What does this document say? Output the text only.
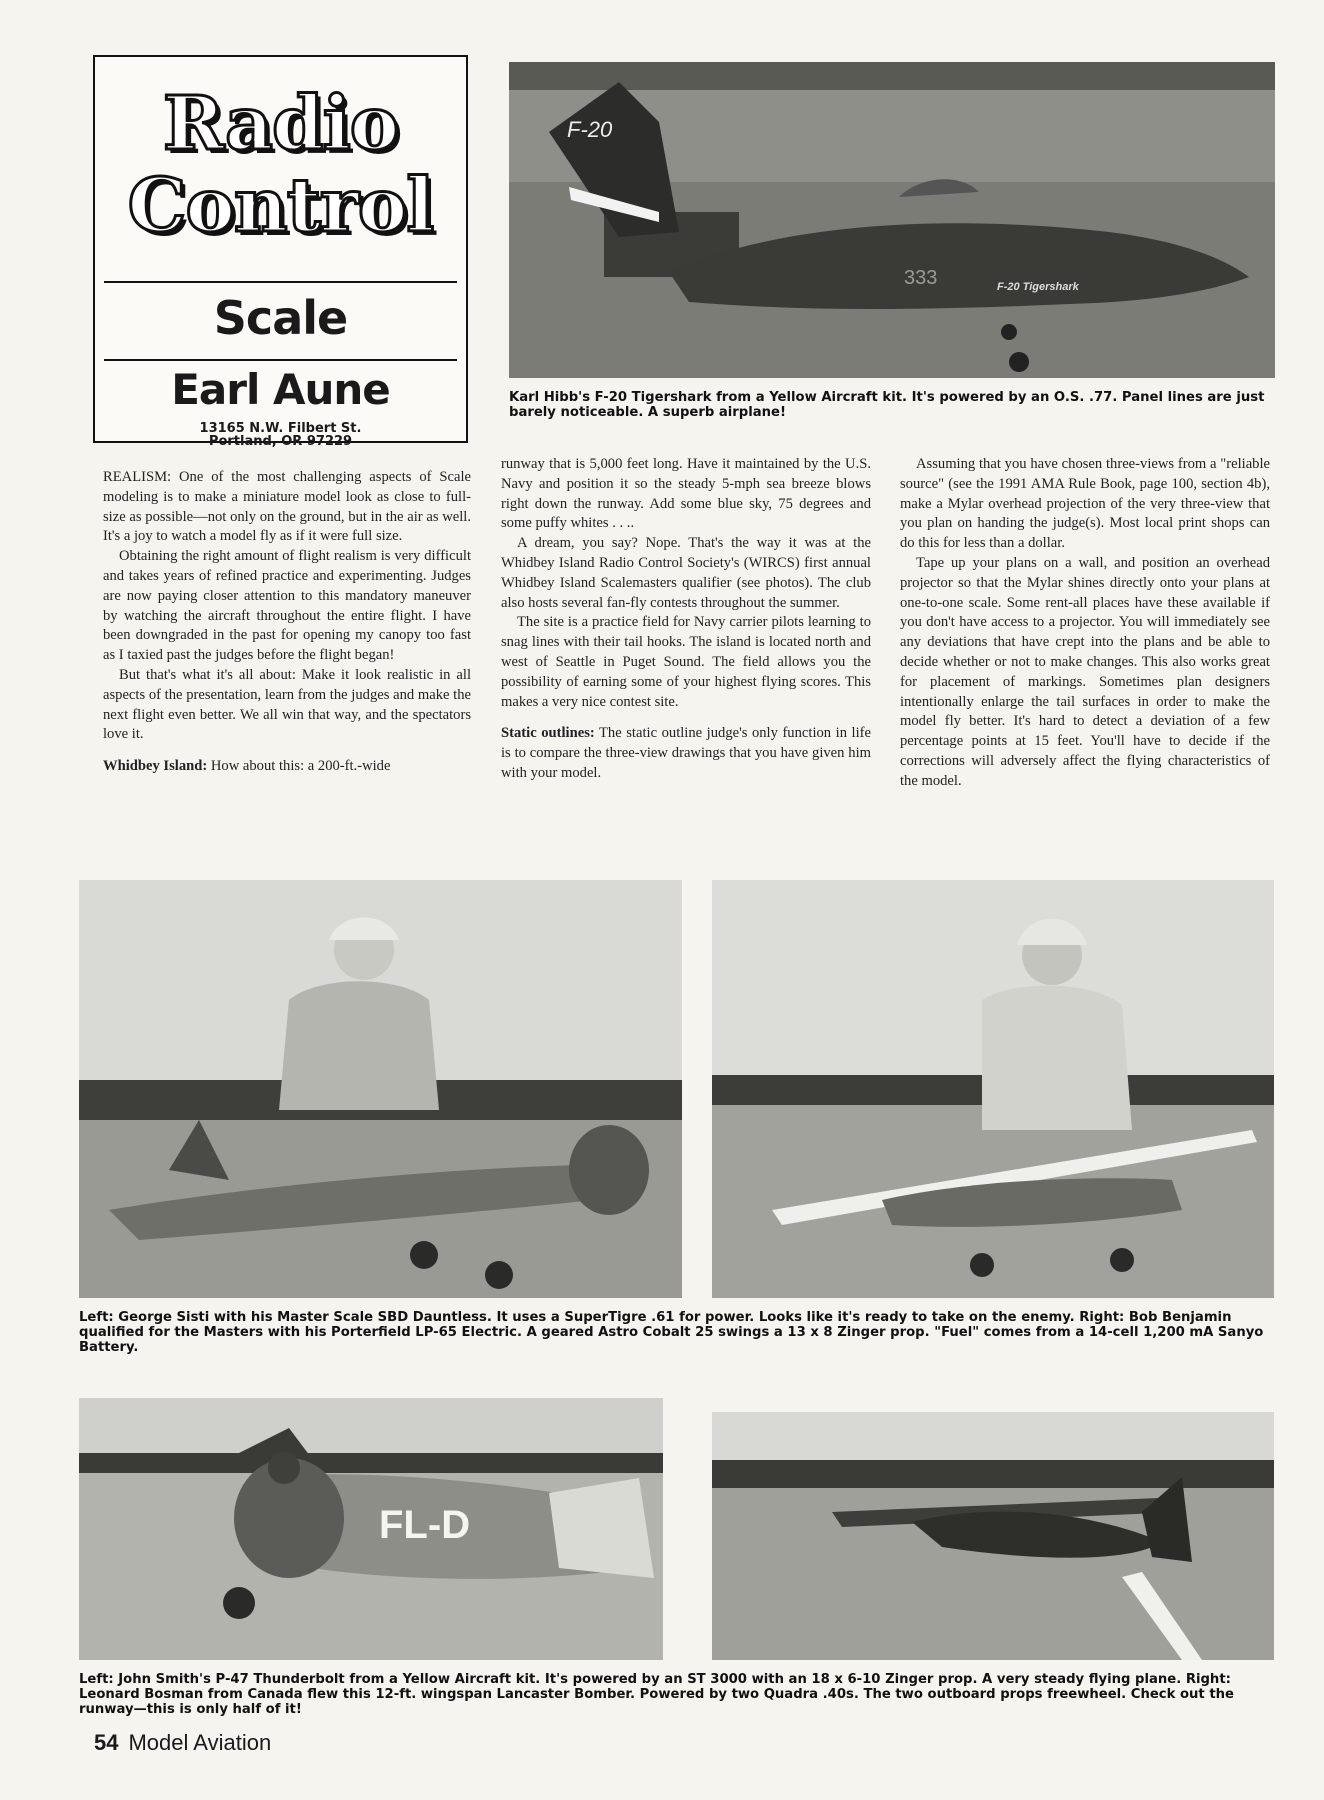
Radio
Control
Scale
Earl Aune
13165 N.W. Filbert St.
Portland, OR 97229
F-20
333	F-20 Tigershark
Karl Hibb's F-20 Tigershark from a Yellow Aircraft kit. It's powered by an O.S. .77. Panel lines are just barely noticeable. A superb airplane!

REALISM: One of the most challenging aspects of Scale modeling is to make a miniature model look as close to full-size as possible—not only on the ground, but in the air as well. It's a joy to watch a model fly as if it were full size.

Obtaining the right amount of flight realism is very difficult and takes years of refined practice and experimenting. Judges are now paying closer attention to this mandatory maneuver by watching the aircraft throughout the entire flight. I have been downgraded in the past for opening my canopy too fast as I taxied past the judges before the flight began!

But that's what it's all about: Make it look realistic in all aspects of the presentation, learn from the judges and make the next flight even better. We all win that way, and the spectators love it.

Whidbey Island: How about this: a 200-ft.-wide

runway that is 5,000 feet long. Have it maintained by the U.S. Navy and position it so the steady 5-mph sea breeze blows right down the runway. Add some blue sky, 75 degrees and some puffy whites . . ..

A dream, you say? Nope. That's the way it was at the Whidbey Island Radio Control Society's (WIRCS) first annual Whidbey Island Scalemasters qualifier (see photos). The club also hosts several fan-fly contests throughout the summer.

The site is a practice field for Navy carrier pilots learning to snag lines with their tail hooks. The island is located north and west of Seattle in Puget Sound. The field allows you the possibility of earning some of your highest flying scores. This makes a very nice contest site.

Static outlines: The static outline judge's only function in life is to compare the three-view drawings that you have given him with your model.

Assuming that you have chosen three-views from a "reliable source" (see the 1991 AMA Rule Book, page 100, section 4b), make a Mylar overhead projection of the very three-view that you plan on handing the judge(s). Most local print shops can do this for less than a dollar.

Tape up your plans on a wall, and position an overhead projector so that the Mylar shines directly onto your plans at one-to-one scale. Some rent-all places have these available if you don't have access to a projector. You will immediately see any deviations that have crept into the plans and be able to decide whether or not to make changes. This also works great for placement of markings. Sometimes plan designers intentionally enlarge the tail surfaces in order to make the model fly better. It's hard to detect a deviation of a few percentage points at 15 feet. You'll have to decide if the corrections will adversely affect the flying characteristics of the model.

Left: George Sisti with his Master Scale SBD Dauntless. It uses a SuperTigre .61 for power. Looks like it's ready to take on the enemy. Right: Bob Benjamin qualified for the Masters with his Porterfield LP-65 Electric. A geared Astro Cobalt 25 swings a 13 x 8 Zinger prop. "Fuel" comes from a 14-cell 1,200 mA Sanyo Battery.
FL-D
Left: John Smith's P-47 Thunderbolt from a Yellow Aircraft kit. It's powered by an ST 3000 with an 18 x 6-10 Zinger prop. A very steady flying plane. Right: Leonard Bosman from Canada flew this 12-ft. wingspan Lancaster Bomber. Powered by two Quadra .40s. The two outboard props freewheel. Check out the runway—this is only half of it!
54 Model Aviation
